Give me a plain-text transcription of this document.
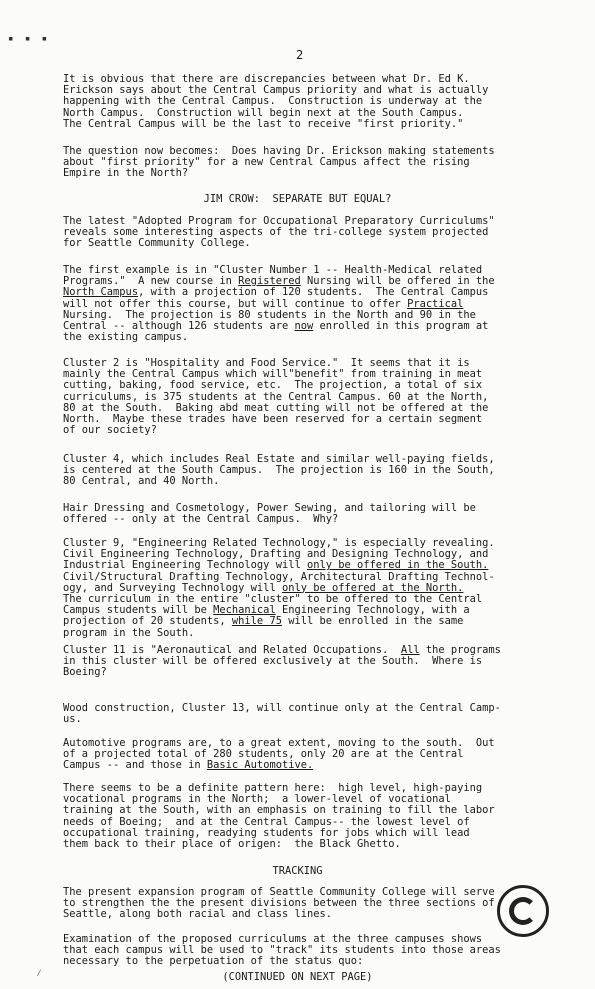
▪ ▪ ▪
2
It is obvious that there are discrepancies between what Dr. Ed K.
Erickson says about the Central Campus priority and what is actually
happening with the Central Campus.  Construction is underway at the
North Campus.  Construction will begin next at the South Campus.
The Central Campus will be the last to receive "first priority."
The question now becomes:  Does having Dr. Erickson making statements
about "first priority" for a new Central Campus affect the rising
Empire in the North?
JIM CROW:  SEPARATE BUT EQUAL?
The latest "Adopted Program for Occupational Preparatory Curriculums"
reveals some interesting aspects of the tri-college system projected
for Seattle Community College.
The first example is in "Cluster Number 1 -- Health-Medical related
Programs."  A new course in Registered Nursing will be offered in the
North Campus, with a projection of 120 students.  The Central Campus
will not offer this course, but will continue to offer Practical
Nursing.  The projection is 80 students in the North and 90 in the
Central -- although 126 students are now enrolled in this program at
the existing campus.
Cluster 2 is "Hospitality and Food Service."  It seems that it is
mainly the Central Campus which will"benefit" from training in meat
cutting, baking, food service, etc.  The projection, a total of six
curriculums, is 375 students at the Central Campus. 60 at the North,
80 at the South.  Baking abd meat cutting will not be offered at the
North.  Maybe these trades have been reserved for a certain segment
of our society?
Cluster 4, which includes Real Estate and similar well-paying fields,
is centered at the South Campus.  The projection is 160 in the South,
80 Central, and 40 North.
Hair Dressing and Cosmetology, Power Sewing, and tailoring will be
offered -- only at the Central Campus.  Why?
Cluster 9, "Engineering Related Technology," is especially revealing.
Civil Engineering Technology, Drafting and Designing Technology, and
Industrial Engineering Technology will only be offered in the South.
Civil/Structural Drafting Technology, Architectural Drafting Technol-
ogy, and Surveying Technology will only be offered at the North.
The curriculum in the entire "cluster" to be offered to the Central
Campus students will be Mechanical Engineering Technology, with a
projection of 20 students, while 75 will be enrolled in the same
program in the South.
Cluster 11 is "Aeronautical and Related Occupations.  All the programs
in this cluster will be offered exclusively at the South.  Where is
Boeing?
Wood construction, Cluster 13, will continue only at the Central Camp-
us.
Automotive programs are, to a great extent, moving to the south.  Out
of a projected total of 280 students, only 20 are at the Central
Campus -- and those in Basic Automotive.
There seems to be a definite pattern here:  high level, high-paying
vocational programs in the North;  a lower-level of vocational
training at the South, with an emphasis on training to fill the labor
needs of Boeing;  and at the Central Campus-- the lowest level of
occupational training, readying students for jobs which will lead
them back to their place of origen:  the Black Ghetto.
TRACKING
The present expansion program of Seattle Community College will serve
to strengthen the the present divisions between the three sections of
Seattle, along both racial and class lines.
Examination of the proposed curriculums at the three campuses shows
that each campus will be used to "track" its students into those areas
necessary to the perpetuation of the status quo:
⁄	(CONTINUED ON NEXT PAGE)
